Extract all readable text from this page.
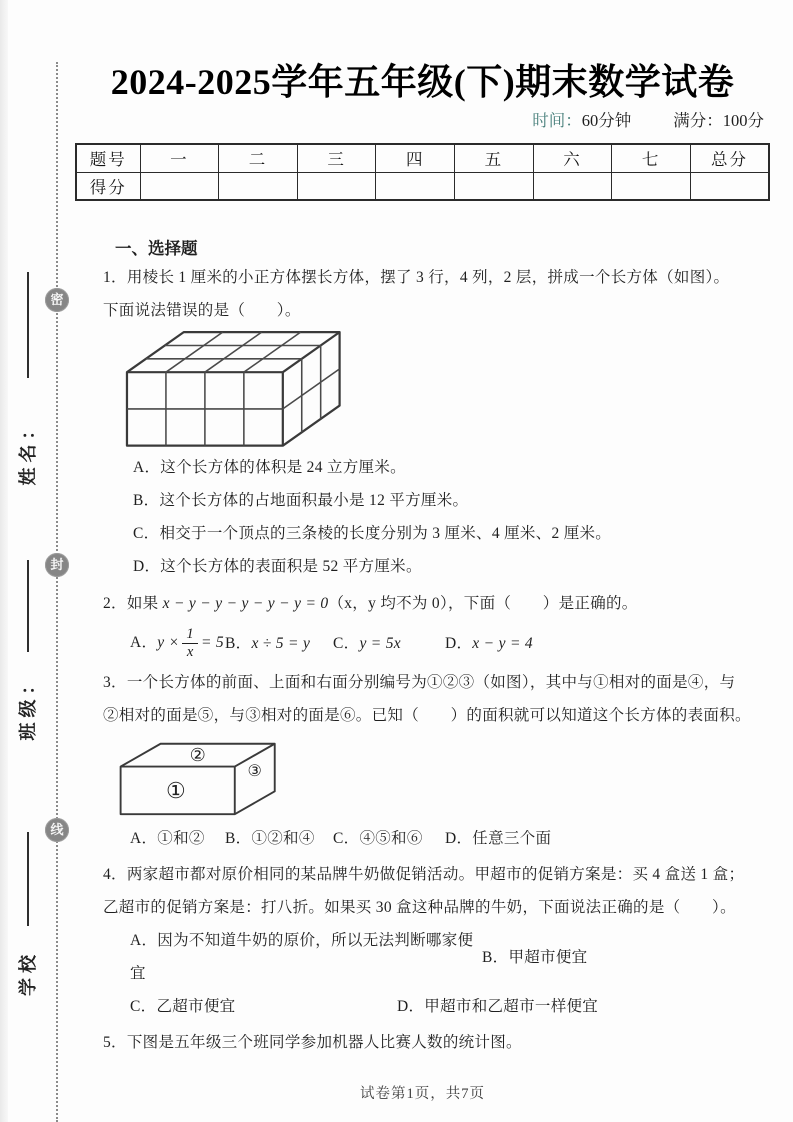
密
封
线
姓名：
班级：
学校
2024-2025学年五年级(下)期末数学试卷
时间：60分钟	满分：100分
题号	一	二	三	四	五	六	七	总分
得分								
一、选择题
1．用棱长 1 厘米的小正方体摆长方体，摆了 3 行，4 列，2 层，拼成一个长方体（如图）。
下面说法错误的是（　　）。
A．这个长方体的体积是 24 立方厘米。
B．这个长方体的占地面积最小是 12 平方厘米。
C．相交于一个顶点的三条棱的长度分别为 3 厘米、4 厘米、2 厘米。
D．这个长方体的表面积是 52 平方厘米。
2．如果 x − y − y − y − y − y = 0（x，y 均不为 0），下面（　　）是正确的。
A．$y \times \frac{1}{x} = 5$ B．x ÷ 5 = y	C．y = 5x	D．x − y = 4
3．一个长方体的前面、上面和右面分别编号为①②③（如图），其中与①相对的面是④，与
②相对的面是⑤，与③相对的面是⑥。已知（　　）的面积就可以知道这个长方体的表面积。
②
①
③
A．①和②	B．①②和④	C．④⑤和⑥	D．任意三个面
4．两家超市都对原价相同的某品牌牛奶做促销活动。甲超市的促销方案是：买 4 盒送 1 盒；
乙超市的促销方案是：打八折。如果买 30 盒这种品牌的牛奶，下面说法正确的是（　　）。
A．因为不知道牛奶的原价，所以无法判断哪家便宜
B．甲超市便宜
C．乙超市便宜	D．甲超市和乙超市一样便宜
5．下图是五年级三个班同学参加机器人比赛人数的统计图。
试卷第1页，共7页
